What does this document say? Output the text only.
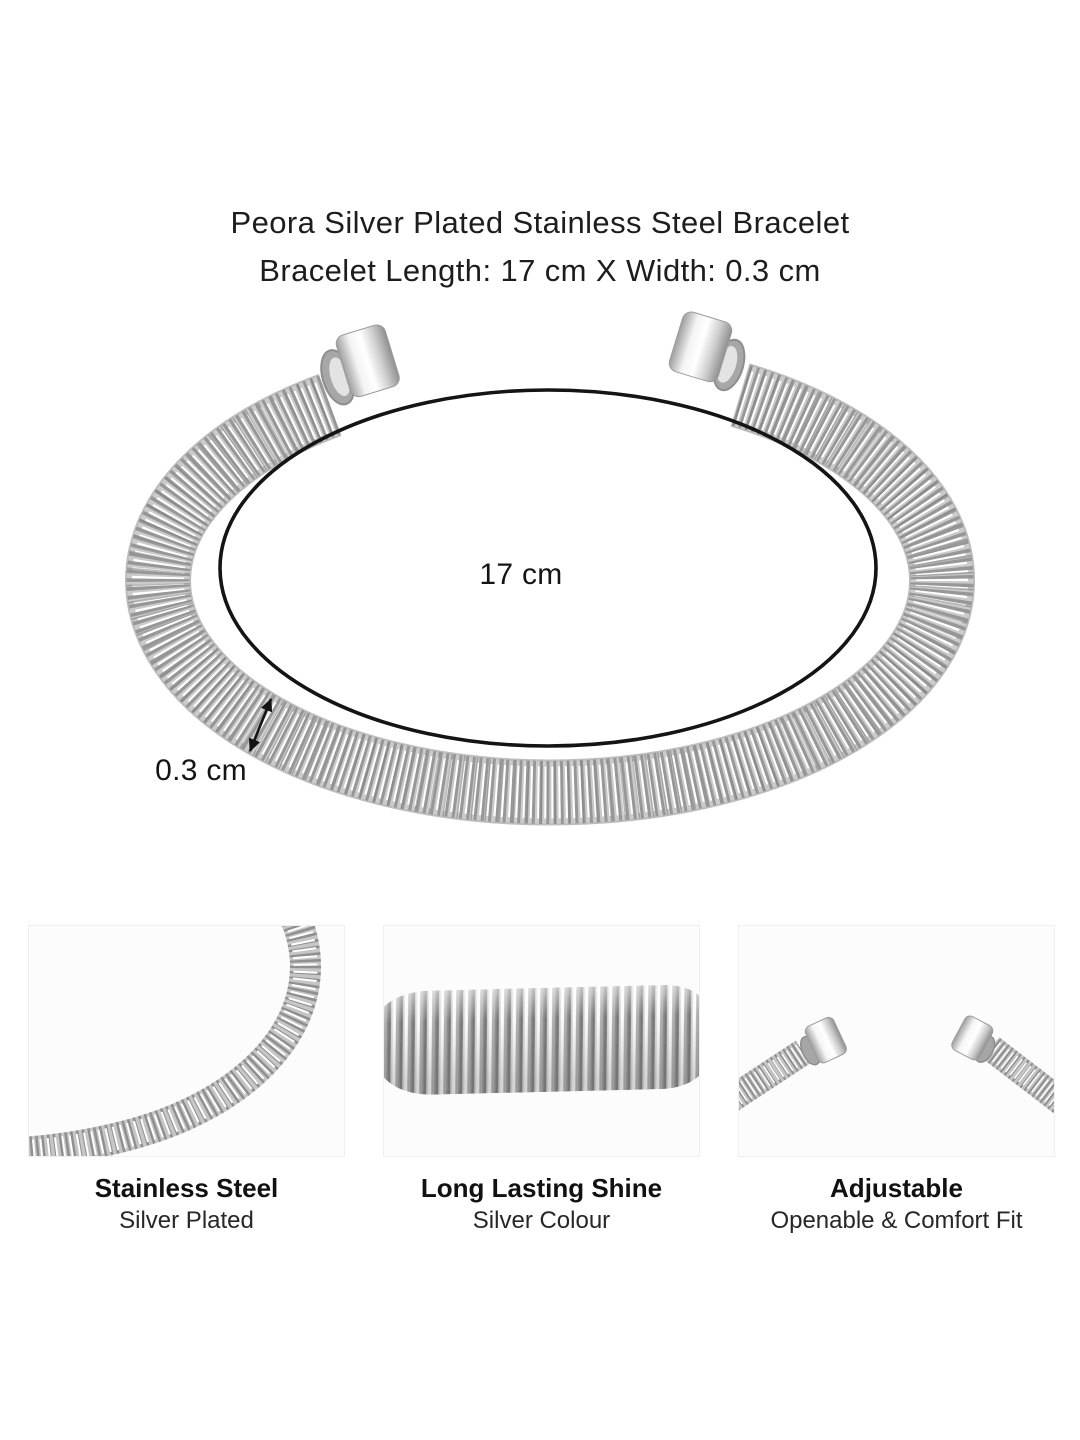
Peora Silver Plated Stainless Steel Bracelet
Bracelet Length: 17 cm X Width: 0.3 cm
17 cm
0.3 cm
Stainless Steel
Silver Plated
Long Lasting Shine
Silver Colour
Adjustable
Openable & Comfort Fit
